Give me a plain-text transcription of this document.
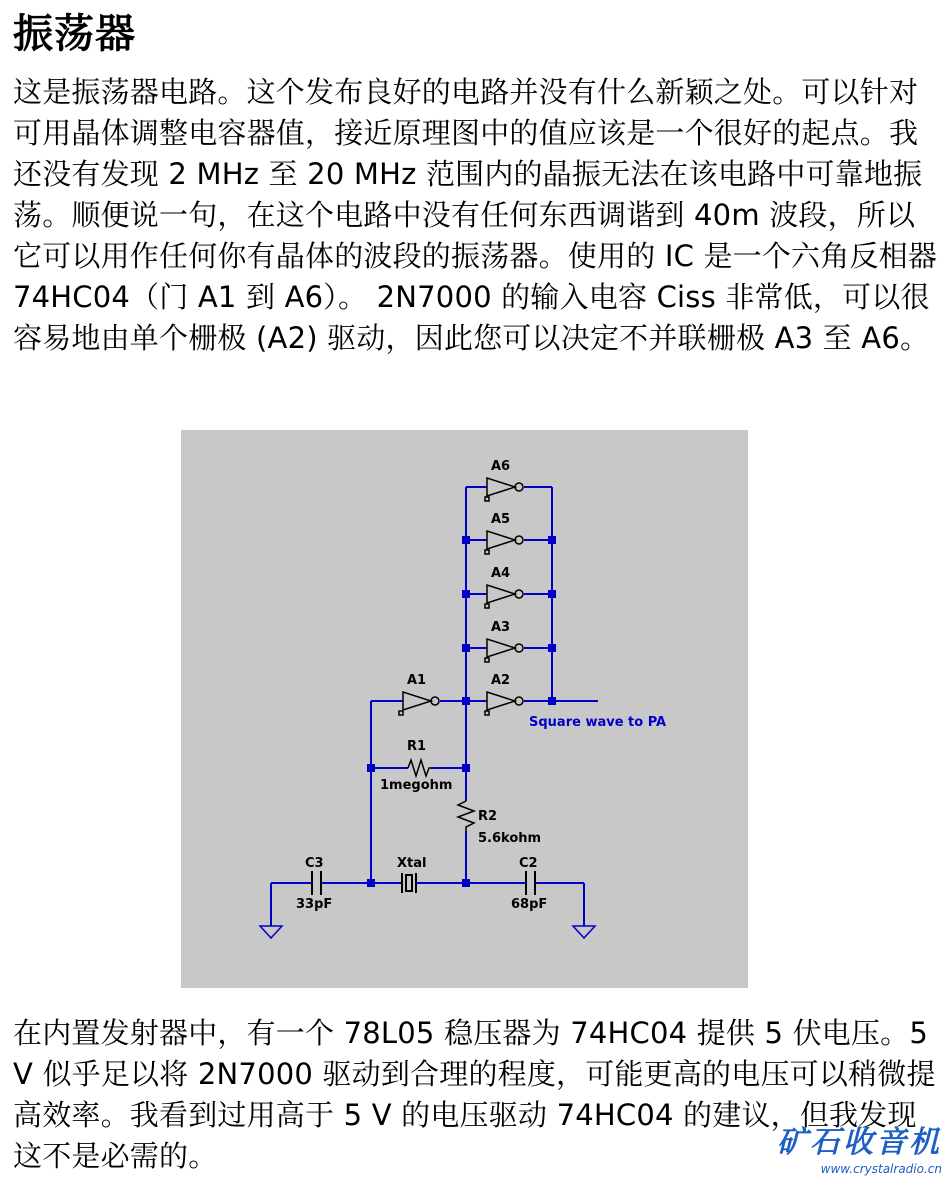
振荡器

这是振荡器电路。这个发布良好的电路并没有什么新颖之处。可以针对可用晶体调整电容器值，接近原理图中的值应该是一个很好的起点。我还没有发现 2 MHz 至 20 MHz 范围内的晶振无法在该电路中可靠地振荡。顺便说一句，在这个电路中没有任何东西调谐到 40m 波段，所以它可以用作任何你有晶体的波段的振荡器。使用的 IC 是一个六角反相器 74HC04（门 A1 到 A6）。 2N7000 的输入电容 Ciss 非常低，可以很容易地由单个栅极 (A2) 驱动，因此您可以决定不并联栅极 A3 至 A6。

A6
A5
A4
A3
A2
A1
R1
1megohm
R2
5.6kohm
C3
33pF
Xtal	C2
68pF
Square wave to PA

在内置发射器中，有一个 78L05 稳压器为 74HC04 提供 5 伏电压。5 V 似乎足以将 2N7000 驱动到合理的程度，可能更高的电压可以稍微提高效率。我看到过用高于 5 V 的电压驱动 74HC04 的建议，但我发现这不是必需的。	矿石收音机
www.crystalradio.cn
